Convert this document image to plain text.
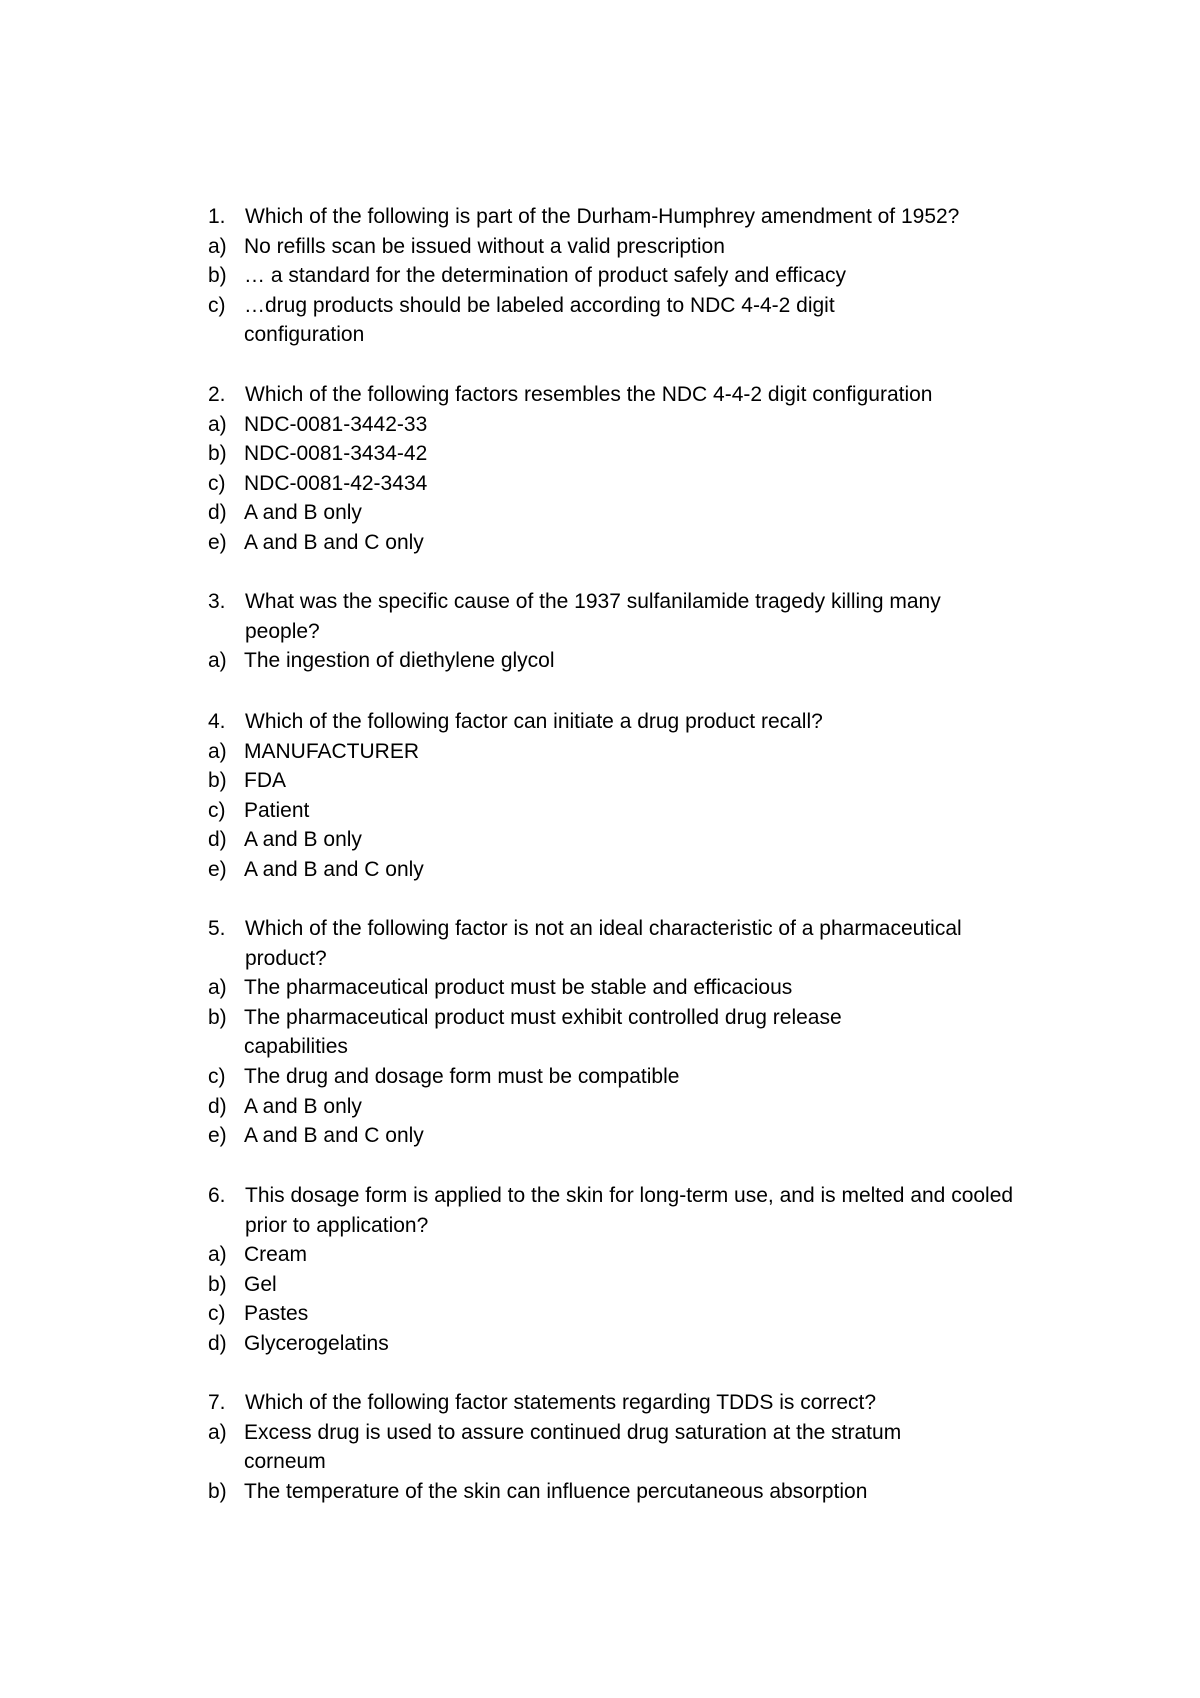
1. Which of the following is part of the Durham-Humphrey amendment of 1952?
a) No refills scan be issued without a valid prescription
b) … a standard for the determination of product safely and efficacy
c) …drug products should be labeled according to NDC 4-4-2 digit configuration
2. Which of the following factors resembles the NDC 4-4-2 digit configuration
a) NDC-0081-3442-33
b) NDC-0081-3434-42
c) NDC-0081-42-3434
d) A and B only
e) A and B and C only
3. What was the specific cause of the 1937 sulfanilamide tragedy killing many people?
a) The ingestion of diethylene glycol
4. Which of the following factor can initiate a drug product recall?
a) MANUFACTURER
b) FDA
c) Patient
d) A and B only
e) A and B and C only
5. Which of the following factor is not an ideal characteristic of a pharmaceutical product?
a) The pharmaceutical product must be stable and efficacious
b) The pharmaceutical product must exhibit controlled drug release capabilities
c) The drug and dosage form must be compatible
d) A and B only
e) A and B and C only
6. This dosage form is applied to the skin for long-term use, and is melted and cooled prior to application?
a) Cream
b) Gel
c) Pastes
d) Glycerogelatins
7. Which of the following factor statements regarding TDDS is correct?
a) Excess drug is used to assure continued drug saturation at the stratum corneum
b) The temperature of the skin can influence percutaneous absorption
